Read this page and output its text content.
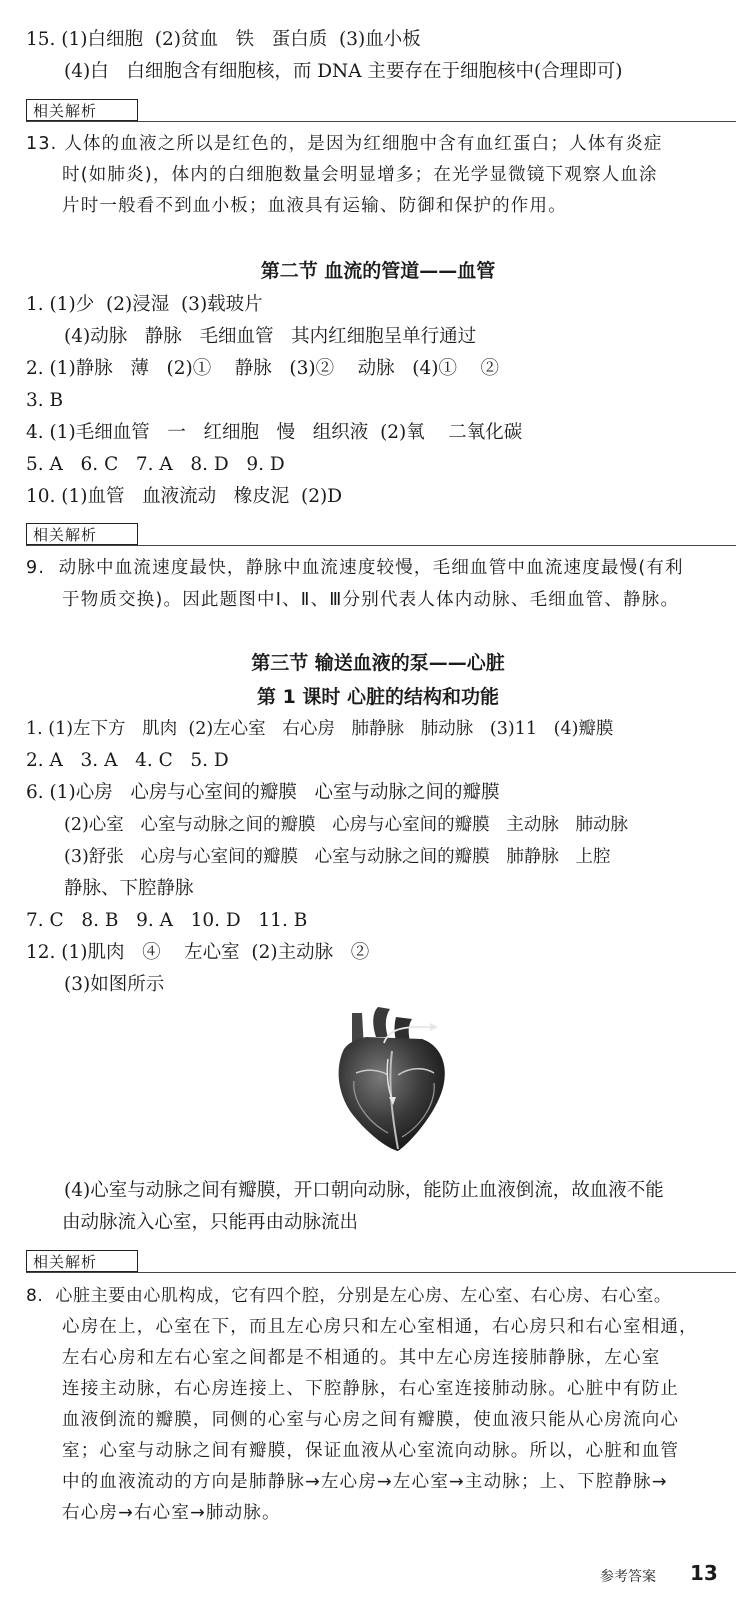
15. (1)白细胞  (2)贫血   铁   蛋白质  (3)血小板
(4)白   白细胞含有细胞核，而 DNA 主要存在于细胞核中(合理即可)
相关解析
13. 人体的血液之所以是红色的，是因为红细胞中含有血红蛋白；人体有炎症
时(如肺炎)，体内的白细胞数量会明显增多；在光学显微镜下观察人血涂
片时一般看不到血小板；血液具有运输、防御和保护的作用。
第二节 血流的管道——血管
1. (1)少  (2)浸湿  (3)载玻片
(4)动脉   静脉   毛细血管   其内红细胞呈单行通过
2. (1)静脉   薄   (2)①    静脉   (3)②    动脉   (4)①    ②
3. B
4. (1)毛细血管   一   红细胞   慢   组织液  (2)氧    二氧化碳
5. A   6. C   7. A   8. D   9. D
10. (1)血管   血液流动   橡皮泥  (2)D
相关解析
9.  动脉中血流速度最快，静脉中血流速度较慢，毛细血管中血流速度最慢(有利
于物质交换)。因此题图中Ⅰ、Ⅱ、Ⅲ分别代表人体内动脉、毛细血管、静脉。
第三节 输送血液的泵——心脏
第 1 课时 心脏的结构和功能
1. (1)左下方   肌肉  (2)左心室   右心房   肺静脉   肺动脉   (3)11   (4)瓣膜
2. A   3. A   4. C   5. D
6. (1)心房   心房与心室间的瓣膜   心室与动脉之间的瓣膜
(2)心室   心室与动脉之间的瓣膜   心房与心室间的瓣膜   主动脉   肺动脉
(3)舒张   心房与心室间的瓣膜   心室与动脉之间的瓣膜   肺静脉   上腔
静脉、下腔静脉
7. C   8. B   9. A   10. D   11. B
12. (1)肌肉   ④    左心室  (2)主动脉   ②
(3)如图所示
(4)心室与动脉之间有瓣膜，开口朝向动脉，能防止血液倒流，故血液不能
由动脉流入心室，只能再由动脉流出
相关解析
8.  心脏主要由心肌构成，它有四个腔，分别是左心房、左心室、右心房、右心室。
心房在上，心室在下，而且左心房只和左心室相通，右心房只和右心室相通，
左右心房和左右心室之间都是不相通的。其中左心房连接肺静脉，左心室
连接主动脉，右心房连接上、下腔静脉，右心室连接肺动脉。心脏中有防止
血液倒流的瓣膜，同侧的心室与心房之间有瓣膜，使血液只能从心房流向心
室；心室与动脉之间有瓣膜，保证血液从心室流向动脉。所以，心脏和血管
中的血液流动的方向是肺静脉→左心房→左心室→主动脉；上、下腔静脉→
右心房→右心室→肺动脉。
参考答案 13
